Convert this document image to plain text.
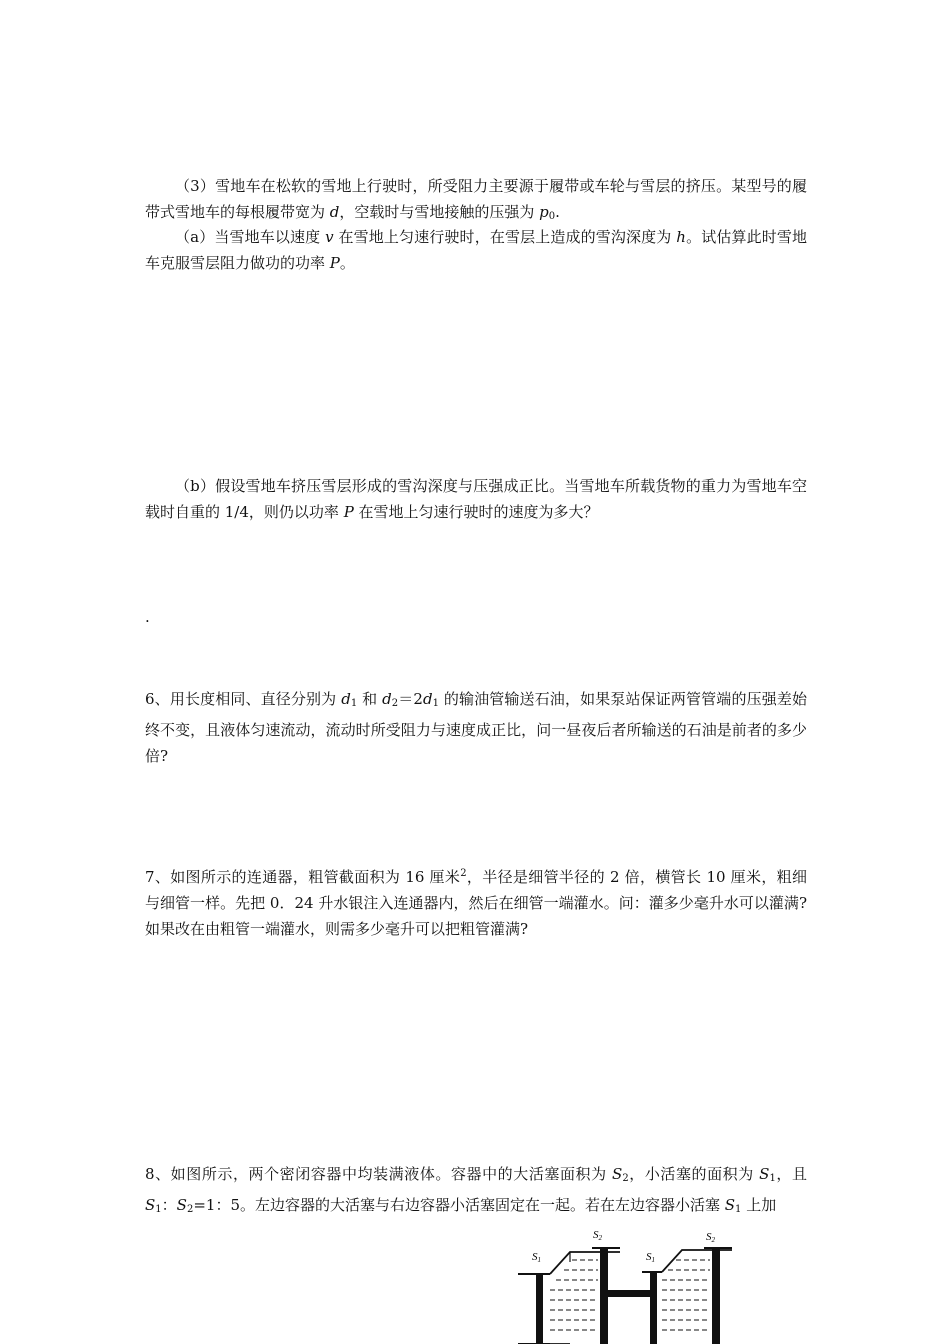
（3）雪地车在松软的雪地上行驶时，所受阻力主要源于履带或车轮与雪层的挤压。某型号的履带式雪地车的每根履带宽为 d，空载时与雪地接触的压强为 $p_0$.

（a）当雪地车以速度 v 在雪地上匀速行驶时，在雪层上造成的雪沟深度为 h。试估算此时雪地车克服雪层阻力做功的功率 P。

（b）假设雪地车挤压雪层形成的雪沟深度与压强成正比。当雪地车所载货物的重力为雪地车空载时自重的 1/4，则仍以功率 P 在雪地上匀速行驶时的速度为多大？

.

6、用长度相同、直径分别为 $d_1$ 和 $d_2=2d_1$ 的输油管输送石油，如果泵站保证两管管端的压强差始终不变，且液体匀速流动，流动时所受阻力与速度成正比，问一昼夜后者所输送的石油是前者的多少倍?

7、如图所示的连通器，粗管截面积为 16 厘米$^2$，半径是细管半径的 2 倍，横管长 10 厘米，粗细与细管一样。先把 0．24 升水银注入连通器内，然后在细管一端灌水。问：灌多少毫升水可以灌满?如果改在由粗管一端灌水，则需多少毫升可以把粗管灌满?

8、如图所示，两个密闭容器中均装满液体。容器中的大活塞面积为 $S_2$，小活塞的面积为 $S_1$，且 $S_1$：$S_2=1$：5。左边容器的大活塞与右边容器小活塞固定在一起。若在左边容器小活塞 $S_1$ 上加

S1
S2
S1
S2
